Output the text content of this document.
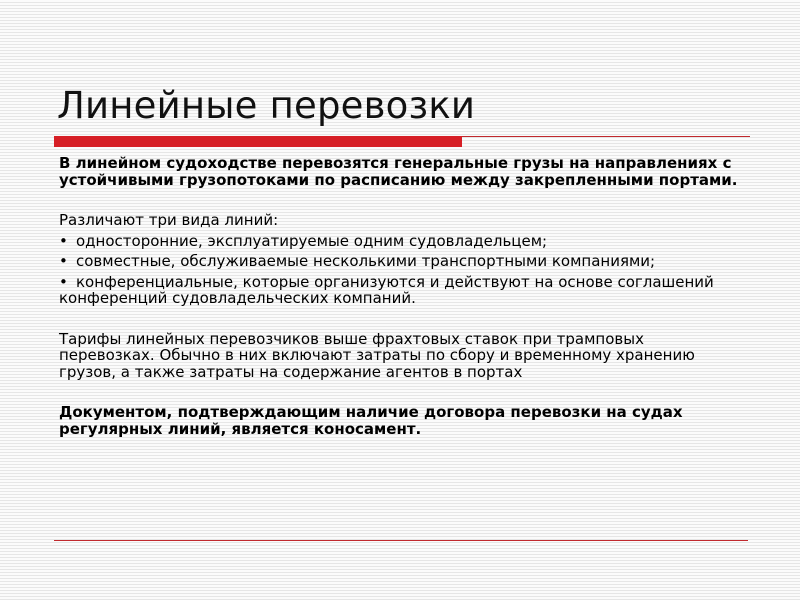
Линейные перевозки

В линейном судоходстве перевозятся генеральные грузы на направлениях с устойчивыми грузопотоками по расписанию между закрепленными портами.

Различают три вида линий:

• односторонние, эксплуатируемые одним судовладельцем;

• совместные, обслуживаемые несколькими транспортными компаниями;

• конференциальные, которые организуются и действуют на основе соглашений конференций судовладельческих компаний.

Тарифы линейных перевозчиков выше фрахтовых ставок при трамповых перевозках. Обычно в них включают затраты по сбору и временному хранению грузов, а также затраты на содержание агентов в портах

Документом, подтверждающим наличие договора перевозки на судах регулярных линий, является коносамент.
